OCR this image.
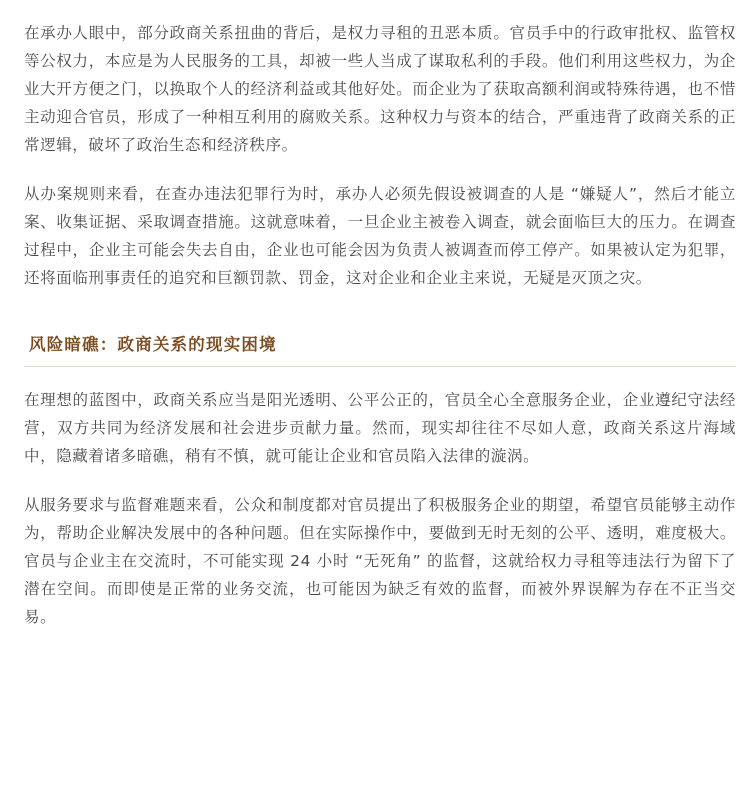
在承办人眼中，部分政商关系扭曲的背后，是权力寻租的丑恶本质。官员手中的行政审批权、监管权等公权力，本应是为人民服务的工具，却被一些人当成了谋取私利的手段。他们利用这些权力，为企业大开方便之门，以换取个人的经济利益或其他好处。而企业为了获取高额利润或特殊待遇，也不惜主动迎合官员，形成了一种相互利用的腐败关系。这种权力与资本的结合，严重违背了政商关系的正常逻辑，破坏了政治生态和经济秩序。

从办案规则来看，在查办违法犯罪行为时，承办人必须先假设被调查的人是 “嫌疑人”，然后才能立案、收集证据、采取调查措施。这就意味着，一旦企业主被卷入调查，就会面临巨大的压力。在调查过程中，企业主可能会失去自由，企业也可能会因为负责人被调查而停工停产。如果被认定为犯罪，还将面临刑事责任的追究和巨额罚款、罚金，这对企业和企业主来说，无疑是灭顶之灾。

风险暗礁：政商关系的现实困境

在理想的蓝图中，政商关系应当是阳光透明、公平公正的，官员全心全意服务企业，企业遵纪守法经营，双方共同为经济发展和社会进步贡献力量。然而，现实却往往不尽如人意，政商关系这片海域中，隐藏着诸多暗礁，稍有不慎，就可能让企业和官员陷入法律的漩涡。

从服务要求与监督难题来看，公众和制度都对官员提出了积极服务企业的期望，希望官员能够主动作为，帮助企业解决发展中的各种问题。但在实际操作中，要做到无时无刻的公平、透明，难度极大。官员与企业主在交流时，不可能实现 24 小时 “无死角” 的监督，这就给权力寻租等违法行为留下了潜在空间。而即使是正常的业务交流，也可能因为缺乏有效的监督，而被外界误解为存在不正当交易。
